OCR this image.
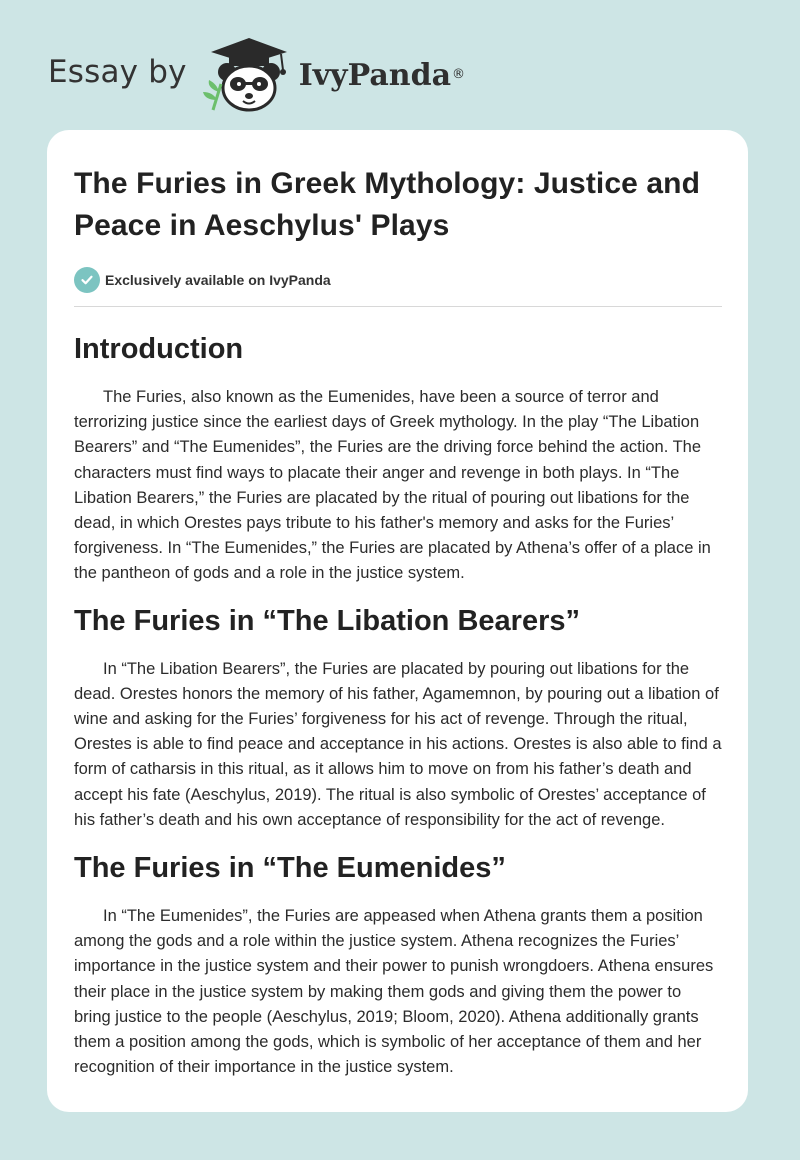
Essay by	IvyPanda ®
The Furies in Greek Mythology: Justice and Peace in Aeschylus' Plays
Exclusively available on IvyPanda
Introduction

The Furies, also known as the Eumenides, have been a source of terror and terrorizing justice since the earliest days of Greek mythology. In the play “The Libation Bearers” and “The Eumenides”, the Furies are the driving force behind the action. The characters must find ways to placate their anger and revenge in both plays. In “The Libation Bearers,” the Furies are placated by the ritual of pouring out libations for the dead, in which Orestes pays tribute to his father's memory and asks for the Furies’ forgiveness. In “The Eumenides,” the Furies are placated by Athena’s offer of a place in the pantheon of gods and a role in the justice system.

The Furies in “The Libation Bearers”

In “The Libation Bearers”, the Furies are placated by pouring out libations for the dead. Orestes honors the memory of his father, Agamemnon, by pouring out a libation of wine and asking for the Furies’ forgiveness for his act of revenge. Through the ritual, Orestes is able to find peace and acceptance in his actions. Orestes is also able to find a form of catharsis in this ritual, as it allows him to move on from his father’s death and accept his fate (Aeschylus, 2019). The ritual is also symbolic of Orestes’ acceptance of his father’s death and his own acceptance of responsibility for the act of revenge.

The Furies in “The Eumenides”

In “The Eumenides”, the Furies are appeased when Athena grants them a position among the gods and a role within the justice system. Athena recognizes the Furies’ importance in the justice system and their power to punish wrongdoers. Athena ensures their place in the justice system by making them gods and giving them the power to bring justice to the people (Aeschylus, 2019; Bloom, 2020). Athena additionally grants them a position among the gods, which is symbolic of her acceptance of them and her recognition of their importance in the justice system.
